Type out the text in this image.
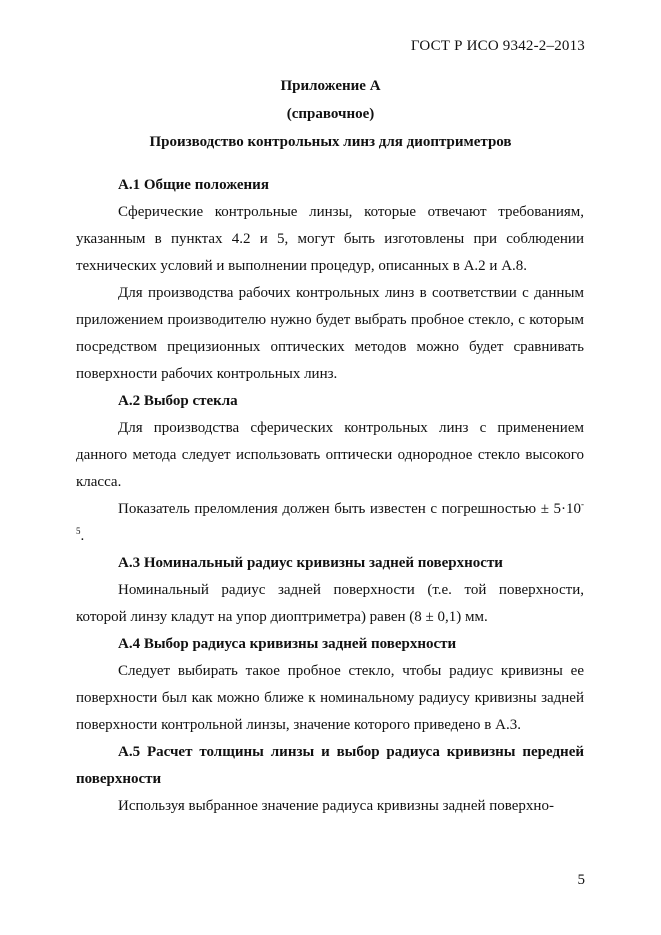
ГОСТ Р ИСО 9342-2–2013
Приложение А
(справочное)
Производство контрольных линз для диоптриметров

А.1 Общие положения

Сферические контрольные линзы, которые отвечают требованиям, указанным в пунктах 4.2 и 5, могут быть изготовлены при соблюдении технических условий и выполнении процедур, описанных в А.2 и А.8.

Для производства рабочих контрольных линз в соответствии с данным приложением производителю нужно будет выбрать пробное стекло, с которым посредством прецизионных оптических методов можно будет сравнивать поверхности рабочих контрольных линз.

А.2 Выбор стекла

Для производства сферических контрольных линз с применением данного метода следует использовать оптически однородное стекло высокого класса.

Показатель преломления должен быть известен с погрешностью ± $5\cdot 10^{- 5}$.

А.3 Номинальный радиус кривизны задней поверхности

Номинальный радиус задней поверхности (т.е. той поверхности, которой линзу кладут на упор диоптриметра) равен (8 ± 0,1) мм.

А.4 Выбор радиуса кривизны задней поверхности

Следует выбирать такое пробное стекло, чтобы радиус кривизны ее поверхности был как можно ближе к номинальному радиусу кривизны задней поверхности контрольной линзы, значение которого приведено в А.3.

А.5 Расчет толщины линзы и выбор радиуса кривизны передней поверхности

Используя выбранное значение радиуса кривизны задней поверхно-

5
